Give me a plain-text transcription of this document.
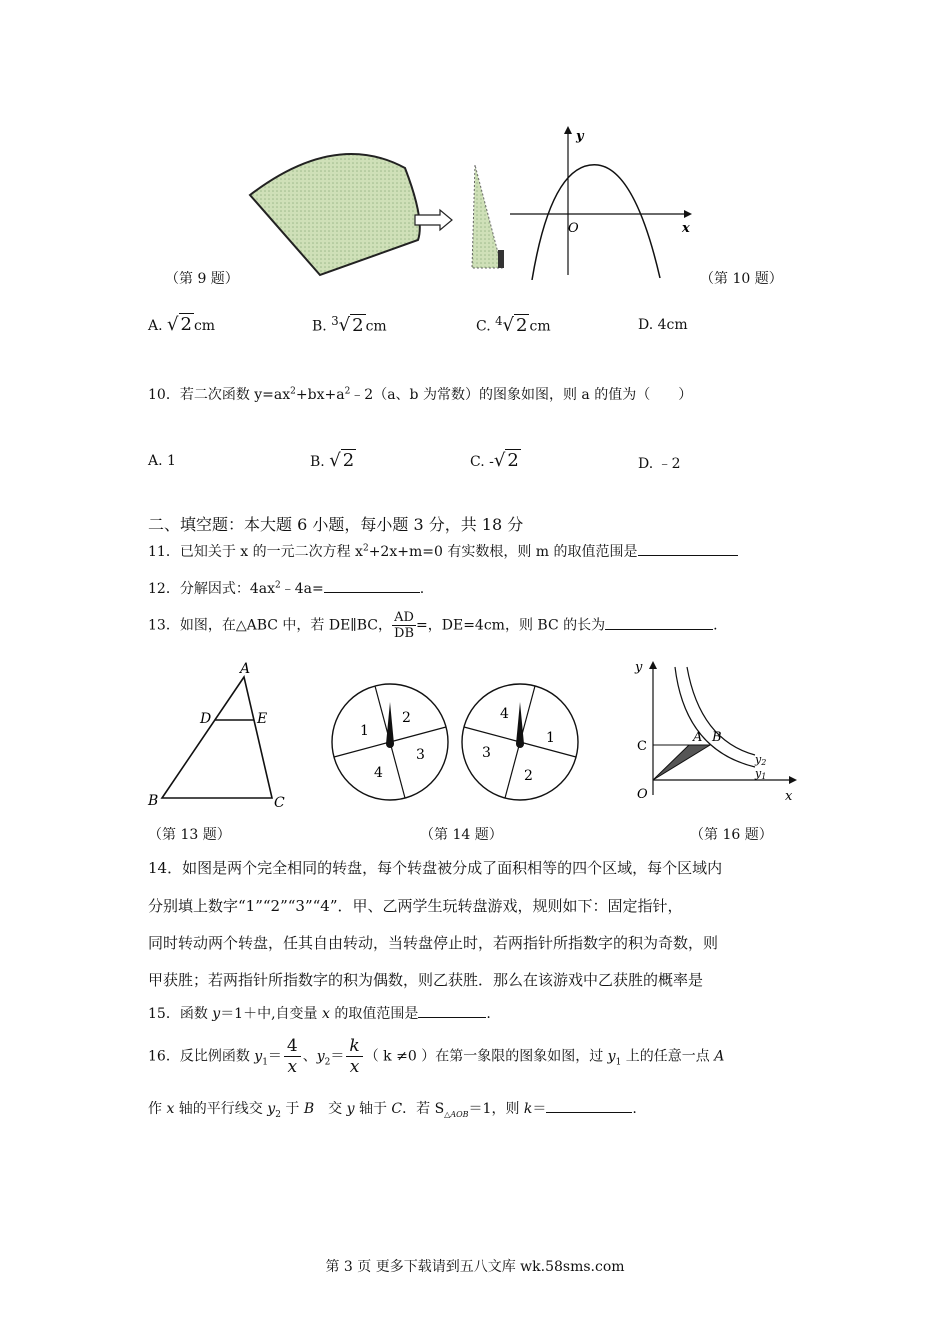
（第 9 题）
y
x
O
（第 10 题）
A. √ 2 cm	B. $^3$√ 2 cm	C. $^4$√ 2 cm	D. 4cm
10．若二次函数 $y=ax^2+bx+a^2﹣2(a$、b 为常数）的图象如图，则 a 的值为（　　）
A. 1	B. √ 2	C. -√ 2	D. ﹣2
二、填空题：本大题 6 小题，每小题 3 分，共 18 分
11．已知关于 x 的一元二次方程 $x^2+2x+m=0$ 有实数根，则 m 的取值范围是
12．分解因式：$4ax^2﹣4a=$	.
13．如图，在△ABC 中，若 DE∥BC， $\frac{AD}{DB}$ =，DE=4cm，则 BC 的长为	.
A
B	C
D	E
（第 13 题）
1
2
3
4
4
1
2
3
（第 14 题）
y
x
O
C
A B
y2
y1
（第 16 题）
14．如图是两个完全相同的转盘，每个转盘被分成了面积相等的四个区域，每个区域内
分别填上数字“1”“2”“3”“4”．甲、乙两学生玩转盘游戏，规则如下：固定指针，
同时转动两个转盘，任其自由转动，当转盘停止时，若两指针所指数字的积为奇数，则
甲获胜；若两指针所指数字的积为偶数，则乙获胜．那么在该游戏中乙获胜的概率是
15．函数 y＝1＋中,自变量 x 的取值范围是	.
16．反比例函数 $y_1= \frac{4}{x}$ 、$y_2= \frac{k}{x}$ （ k ≠0 ）在第一象限的图象如图，过 $y_1$ 上的任意一点 A
作 x 轴的平行线交 $y_2$ 于 B　交 y 轴于 C．若 $S_{\triangle AOB}=1$，则 k＝	.
第 3 页 更多下载请到五八文库 wk.58sms.com
